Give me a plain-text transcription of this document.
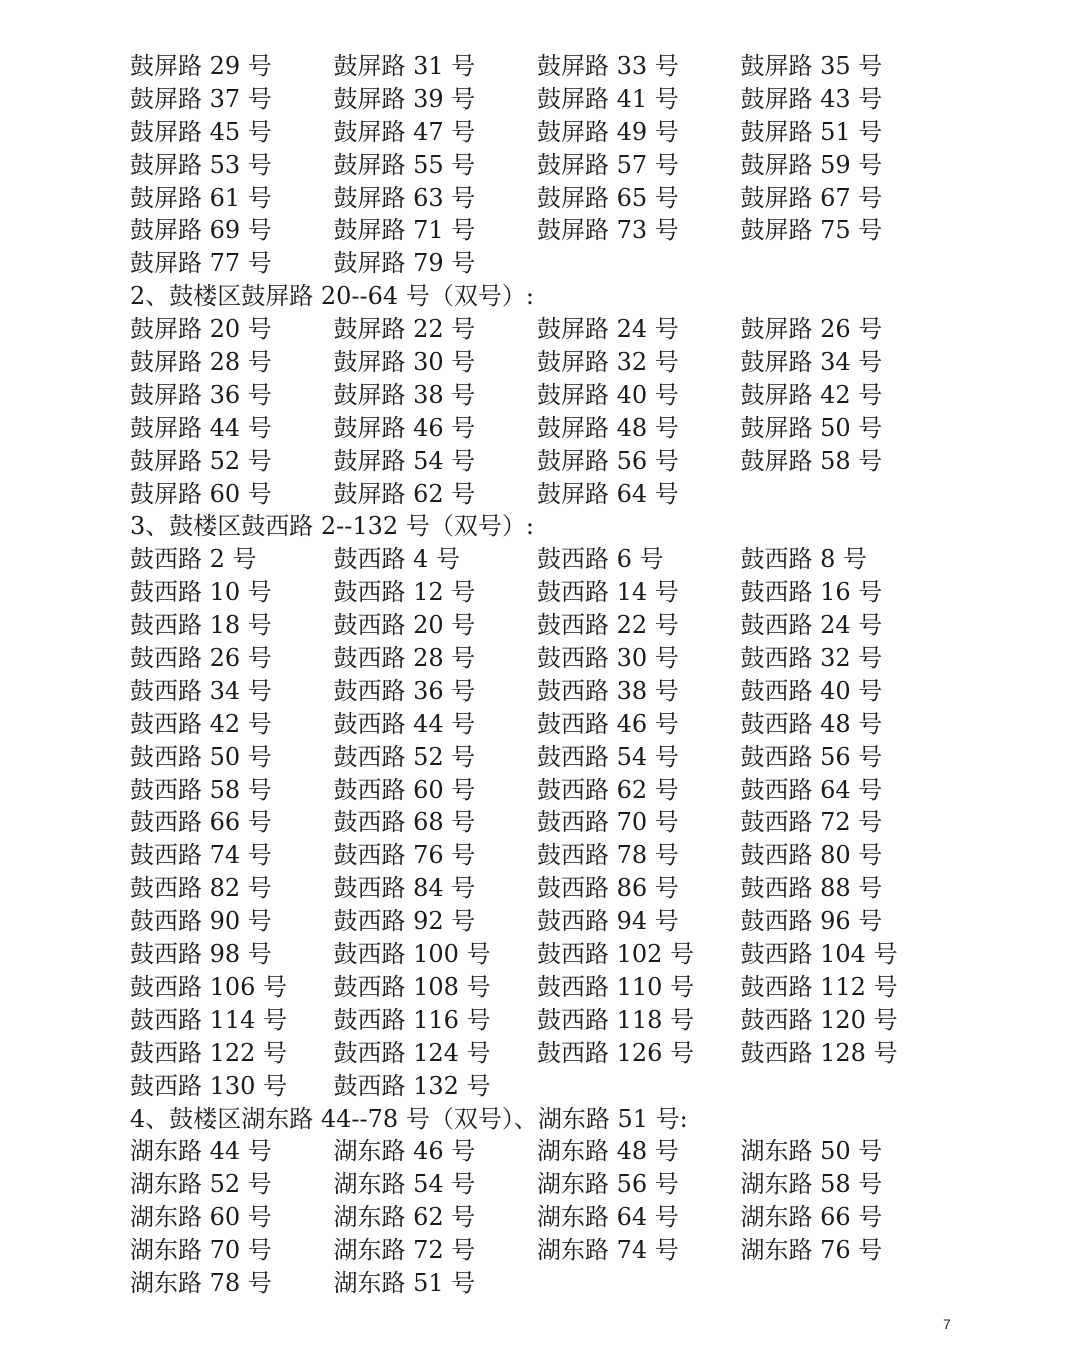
鼓屏路 29 号	鼓屏路 31 号	鼓屏路 33 号	鼓屏路 35 号
鼓屏路 37 号	鼓屏路 39 号	鼓屏路 41 号	鼓屏路 43 号
鼓屏路 45 号	鼓屏路 47 号	鼓屏路 49 号	鼓屏路 51 号
鼓屏路 53 号	鼓屏路 55 号	鼓屏路 57 号	鼓屏路 59 号
鼓屏路 61 号	鼓屏路 63 号	鼓屏路 65 号	鼓屏路 67 号
鼓屏路 69 号	鼓屏路 71 号	鼓屏路 73 号	鼓屏路 75 号
鼓屏路 77 号	鼓屏路 79 号
2、鼓楼区鼓屏路 20--64 号（双号）:
鼓屏路 20 号	鼓屏路 22 号	鼓屏路 24 号	鼓屏路 26 号
鼓屏路 28 号	鼓屏路 30 号	鼓屏路 32 号	鼓屏路 34 号
鼓屏路 36 号	鼓屏路 38 号	鼓屏路 40 号	鼓屏路 42 号
鼓屏路 44 号	鼓屏路 46 号	鼓屏路 48 号	鼓屏路 50 号
鼓屏路 52 号	鼓屏路 54 号	鼓屏路 56 号	鼓屏路 58 号
鼓屏路 60 号	鼓屏路 62 号	鼓屏路 64 号
3、鼓楼区鼓西路 2--132 号（双号）:
鼓西路 2 号	鼓西路 4 号	鼓西路 6 号	鼓西路 8 号
鼓西路 10 号	鼓西路 12 号	鼓西路 14 号	鼓西路 16 号
鼓西路 18 号	鼓西路 20 号	鼓西路 22 号	鼓西路 24 号
鼓西路 26 号	鼓西路 28 号	鼓西路 30 号	鼓西路 32 号
鼓西路 34 号	鼓西路 36 号	鼓西路 38 号	鼓西路 40 号
鼓西路 42 号	鼓西路 44 号	鼓西路 46 号	鼓西路 48 号
鼓西路 50 号	鼓西路 52 号	鼓西路 54 号	鼓西路 56 号
鼓西路 58 号	鼓西路 60 号	鼓西路 62 号	鼓西路 64 号
鼓西路 66 号	鼓西路 68 号	鼓西路 70 号	鼓西路 72 号
鼓西路 74 号	鼓西路 76 号	鼓西路 78 号	鼓西路 80 号
鼓西路 82 号	鼓西路 84 号	鼓西路 86 号	鼓西路 88 号
鼓西路 90 号	鼓西路 92 号	鼓西路 94 号	鼓西路 96 号
鼓西路 98 号	鼓西路 100 号	鼓西路 102 号	鼓西路 104 号
鼓西路 106 号	鼓西路 108 号	鼓西路 110 号	鼓西路 112 号
鼓西路 114 号	鼓西路 116 号	鼓西路 118 号	鼓西路 120 号
鼓西路 122 号	鼓西路 124 号	鼓西路 126 号	鼓西路 128 号
鼓西路 130 号	鼓西路 132 号
4、鼓楼区湖东路 44--78 号（双号）、湖东路 51 号:
湖东路 44 号	湖东路 46 号	湖东路 48 号	湖东路 50 号
湖东路 52 号	湖东路 54 号	湖东路 56 号	湖东路 58 号
湖东路 60 号	湖东路 62 号	湖东路 64 号	湖东路 66 号
湖东路 70 号	湖东路 72 号	湖东路 74 号	湖东路 76 号
湖东路 78 号	湖东路 51 号
7
